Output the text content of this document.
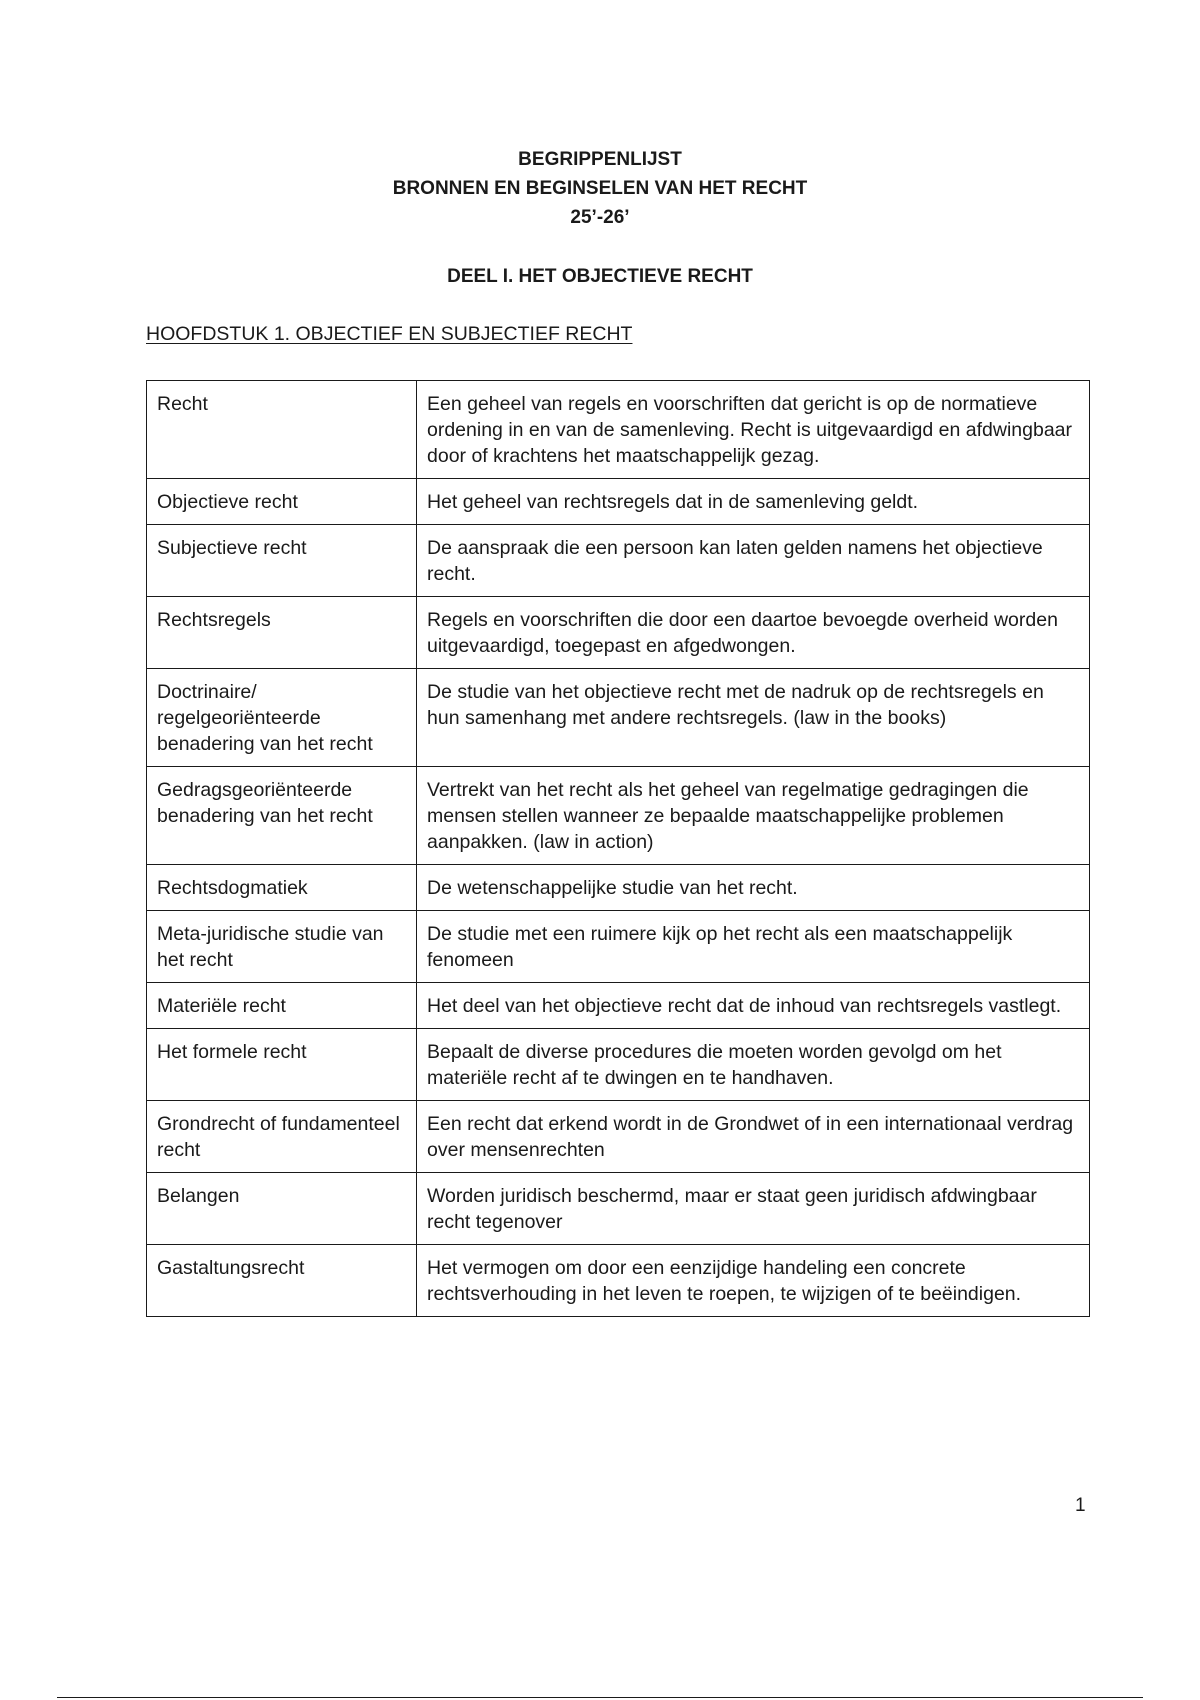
BEGRIPPENLIJST
BRONNEN EN BEGINSELEN VAN HET RECHT
25’-26’
DEEL I. HET OBJECTIEVE RECHT
HOOFDSTUK 1. OBJECTIEF EN SUBJECTIEF RECHT
Recht	Een geheel van regels en voorschriften dat gericht is op de normatieve ordening in en van de samenleving. Recht is uitgevaardigd en afdwingbaar door of krachtens het maatschappelijk gezag.
Objectieve recht	Het geheel van rechtsregels dat in de samenleving geldt.
Subjectieve recht	De aanspraak die een persoon kan laten gelden namens het objectieve recht.
Rechtsregels	Regels en voorschriften die door een daartoe bevoegde overheid worden uitgevaardigd, toegepast en afgedwongen.
Doctrinaire/ regelgeoriënteerde benadering van het recht	De studie van het objectieve recht met de nadruk op de rechtsregels en hun samenhang met andere rechtsregels. (law in the books)
Gedragsgeoriënteerde benadering van het recht	Vertrekt van het recht als het geheel van regelmatige gedragingen die mensen stellen wanneer ze bepaalde maatschappelijke problemen aanpakken. (law in action)
Rechtsdogmatiek	De wetenschappelijke studie van het recht.
Meta-juridische studie van het recht	De studie met een ruimere kijk op het recht als een maatschappelijk fenomeen
Materiële recht	Het deel van het objectieve recht dat de inhoud van rechtsregels vastlegt.
Het formele recht	Bepaalt de diverse procedures die moeten worden gevolgd om het materiële recht af te dwingen en te handhaven.
Grondrecht of fundamenteel recht	Een recht dat erkend wordt in de Grondwet of in een internationaal verdrag over mensenrechten
Belangen	Worden juridisch beschermd, maar er staat geen juridisch afdwingbaar recht tegenover
Gastaltungsrecht	Het vermogen om door een eenzijdige handeling een concrete rechtsverhouding in het leven te roepen, te wijzigen of te beëindigen.
1
